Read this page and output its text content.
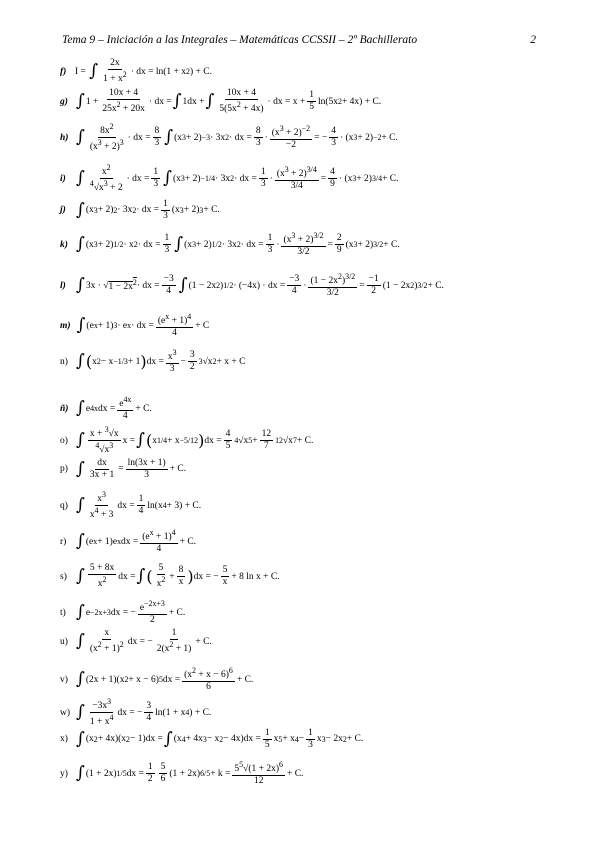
Tema 9 – Iniciación a las Integrales – Matemáticas CCSSII – 2º Bachillerato	2
f) I = ∫ $\frac{2x}{1 + x^2}$ · dx = ln(1 + x 2 ) + C.
g) ∫ $1 + \frac{10x + 4}{25x^2 + 20x}$ · dx = ∫ 1dx + ∫ $\frac{10x + 4}{5(5x^2 + 4x)}$ · dx = $x + \frac{1}{5} \ln(5x$ 2 + 4x) + C.
h) ∫ $\frac{8x^2}{(x^3 + 2)^3}$ · dx = $\frac{8}{3}$ ∫ (x 3 + 2) −3 · 3x 2 · dx = $\frac{8}{3} \cdot \frac{(x^3 + 2)^{-2}}{-2}$ = − $\frac{4}{3} \cdot (x$ 3 + 2) −2 + C.
i) ∫ $\frac{x^2}{^4√x^3 + 2}$ · dx = $\frac{1}{3}$ ∫ (x 3 + 2) −1/4 · 3x 2 · dx = $\frac{1}{3} \cdot \frac{(x^3 + 2)^{3/4}}{3/4} = \frac{4}{9} \cdot (x$ 3 + 2) 3/4 + C.
j) ∫ (x 3 + 2) 2 · 3x 2 · dx = $\frac{1}{3} (x$ 3 + 2) 3 + C.
k) ∫ (x 3 + 2) 1/2 · x 2 · dx = $\frac{1}{3}$ ∫ (x 3 + 2) 1/2 · 3x 2 · dx = $\frac{1}{3} \cdot \frac{(x^3 + 2)^{3/2}}{3/2} = \frac{2}{9} (x$ 3 + 2) 3/2 + C.
l) ∫ 3x · √ $1 - 2x^2$ · dx = $\frac{-3}{4}$ ∫ (1 − 2x 2 ) 1/2 · (−4x) · dx = $\frac{-3}{4} \cdot \frac{(1 - 2x^2)^{3/2}}{3/2} = \frac{-1}{2} (1 - 2x$ 2 ) 3/2 + C.
m) ∫ (e x + 1) 3 · e x · dx = $\frac{(e^x + 1)^4}{4} + C$
n) ∫ ( x 2 − x −1/3 + 1 ) dx = $\frac{x^3}{3} - \frac{3}{2} 3$ √x 2 + x + C
ñ) ∫ e 4x dx = $\frac{e^{4x}}{4} + C$.
o) ∫ $\frac{x + ^3√x}{^4√x^3}$ x = ∫ ( x 1/4 + x −5/12 ) dx = $\frac{4}{5} 4$ √x $5 + \frac{12}{7} 12$ √x 7 + C.
p) ∫ $\frac{dx}{3x + 1} = \frac{\ln(3x + 1)}{3} + C$.
q) ∫ $\frac{x^3}{x^4 + 3}$ dx = $\frac{1}{4} \ln(x$ 4 + 3) + C.
r) ∫ (e x + 1)e x dx = $\frac{(e^x + 1)^4}{4} + C$.
s) ∫ $\frac{5 + 8x}{x^2}$ dx = ∫ ( $\frac{5}{x^2} + \frac{8}{x}$ ) dx = − $\frac{5}{x} + 8$ ln x + C.
t) ∫ e −2x+3 dx = − $\frac{e^{-2x+3}}{2} + C$.
u) ∫ $\frac{x}{(x^2 + 1)^2}$ dx = − $\frac{1}{2(x^2 + 1)} + C$.
v) ∫ (2x + 1)(x 2 + x − 6) 5 dx = $\frac{(x^2 + x - 6)^6}{6} + C$.
w) ∫ $\frac{-3x^3}{1 + x^4}$ dx = − $\frac{3}{4} \ln(1 + x$ 4 ) + C.
x) ∫ (x 2 + 4x)(x 2 − 1)dx = ∫ (x 4 + 4x 3 − x $2 - 4x)dx = \frac{1}{5}$ x 5 + x $4 - \frac{1}{3}$ x 3 − 2x 2 + C.
y) ∫ (1 + 2x) 1/5 dx = $\frac{1}{2} \frac{5}{6} (1 + 2x) 6/5 + k = \frac{5^5√(1 + 2x)^6}{12} + C$.
